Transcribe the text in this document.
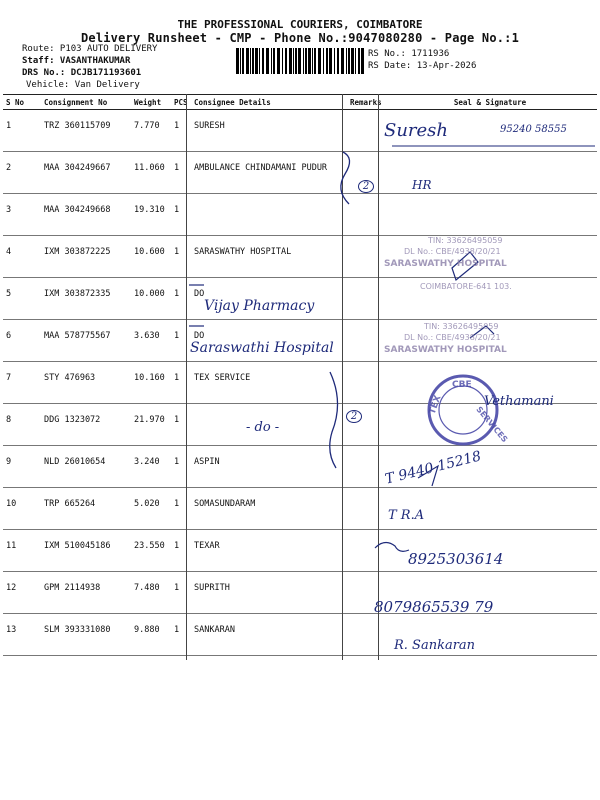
THE PROFESSIONAL COURIERS, COIMBATORE
Delivery Runsheet - CMP - Phone No.:9047080280 - Page No.:1
Route: P103 AUTO DELIVERY
Staff: VASANTHAKUMAR
DRS No.: DCJB171193601
Vehicle: Van Delivery
RS No.: 1711936
RS Date: 13-Apr-2026
S No	Consignment No	Weight	PCS	Consignee Details	Remarks	Seal & Signature
1	TRZ 360115709	7.770	1	SURESH		
2	MAA 304249667	11.060	1	AMBULANCE CHINDAMANI PUDUR		
3	MAA 304249668	19.310	1			
4	IXM 303872225	10.600	1	SARASWATHY HOSPITAL		
5	IXM 303872335	10.000	1	DO		
6	MAA 578775567	3.630	1	DO		
7	STY 476963	10.160	1	TEX SERVICE		
8	DDG 1323072	21.970	1			
9	NLD 26010654	3.240	1	ASPIN		
10	TRP 665264	5.020	1	SOMASUNDARAM		
11	IXM 510045186	23.550	1	TEXAR		
12	GPM 2114938	7.480	1	SUPRITH		
13	SLM 393331080	9.880	1	SANKARAN		
Suresh	95240 58555
2	HR
Vijay Pharmacy
Saraswathi Hospital
- do -
2
Vethamani
T 9440 15218
T R.A
8925303614
8079865539 79
R. Sankaran
TIN: 33626495059
DL No.: CBE/4938/20/21
SARASWATHY HOSPITAL
COIMBATORE-641 103.
TIN: 33626495059
DL No.: CBE/4938/20/21
SARASWATHY HOSPITAL
CBE
TEX	SERVICES
